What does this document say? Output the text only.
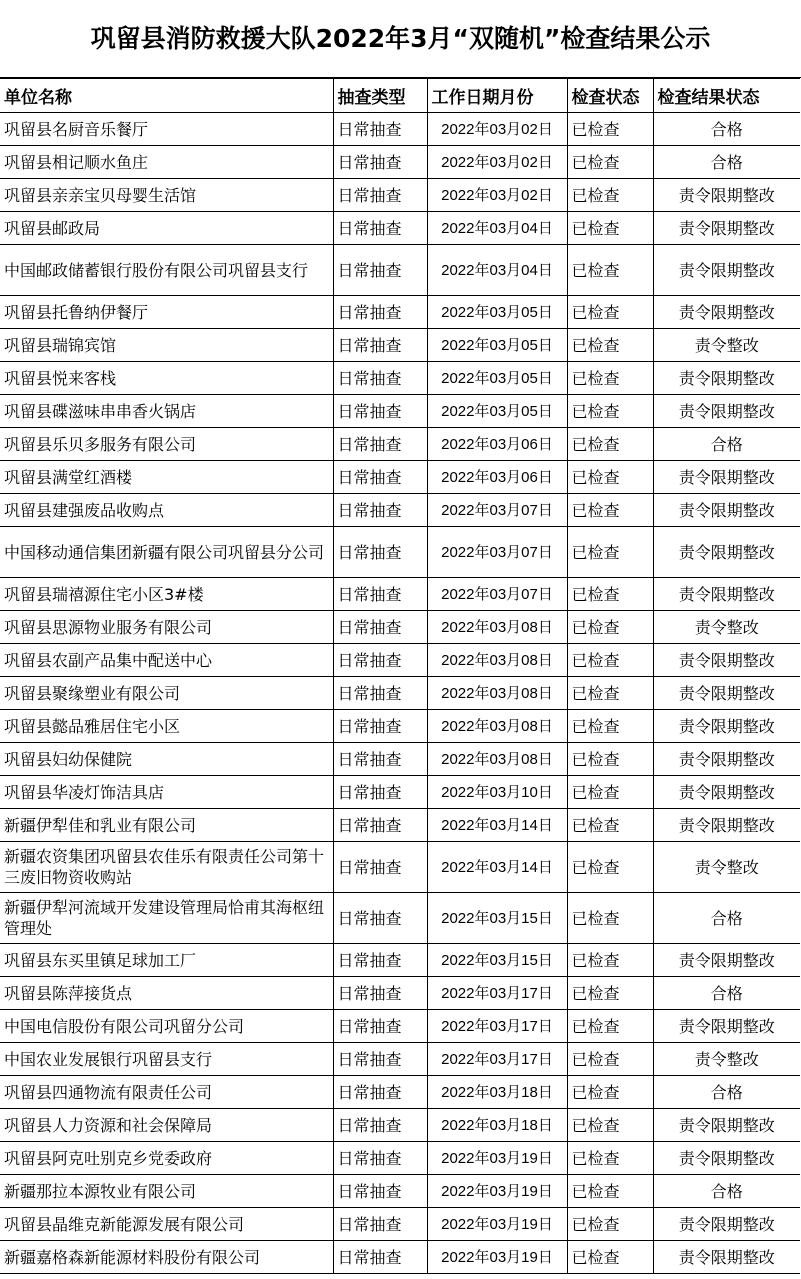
巩留县消防救援大队2022年3月“双随机”检查结果公示
单位名称	抽查类型	工作日期月份	检查状态	检查结果状态
巩留县名厨音乐餐厅	日常抽查	2022年03月02日	已检查	合格
巩留县相记顺水鱼庄	日常抽查	2022年03月02日	已检查	合格
巩留县亲亲宝贝母婴生活馆	日常抽查	2022年03月02日	已检查	责令限期整改
巩留县邮政局	日常抽查	2022年03月04日	已检查	责令限期整改
中国邮政储蓄银行股份有限公司巩留县支行	日常抽查	2022年03月04日	已检查	责令限期整改
巩留县托鲁纳伊餐厅	日常抽查	2022年03月05日	已检查	责令限期整改
巩留县瑞锦宾馆	日常抽查	2022年03月05日	已检查	责令整改
巩留县悦来客栈	日常抽查	2022年03月05日	已检查	责令限期整改
巩留县碟滋味串串香火锅店	日常抽查	2022年03月05日	已检查	责令限期整改
巩留县乐贝多服务有限公司	日常抽查	2022年03月06日	已检查	合格
巩留县满堂红酒楼	日常抽查	2022年03月06日	已检查	责令限期整改
巩留县建强废品收购点	日常抽查	2022年03月07日	已检查	责令限期整改
中国移动通信集团新疆有限公司巩留县分公司	日常抽查	2022年03月07日	已检查	责令限期整改
巩留县瑞禧源住宅小区3#楼	日常抽查	2022年03月07日	已检查	责令限期整改
巩留县思源物业服务有限公司	日常抽查	2022年03月08日	已检查	责令整改
巩留县农副产品集中配送中心	日常抽查	2022年03月08日	已检查	责令限期整改
巩留县聚缘塑业有限公司	日常抽查	2022年03月08日	已检查	责令限期整改
巩留县懿品雅居住宅小区	日常抽查	2022年03月08日	已检查	责令限期整改
巩留县妇幼保健院	日常抽查	2022年03月08日	已检查	责令限期整改
巩留县华凌灯饰洁具店	日常抽查	2022年03月10日	已检查	责令限期整改
新疆伊犁佳和乳业有限公司	日常抽查	2022年03月14日	已检查	责令限期整改
新疆农资集团巩留县农佳乐有限责任公司第十三废旧物资收购站	日常抽查	2022年03月14日	已检查	责令整改
新疆伊犁河流域开发建设管理局恰甫其海枢纽管理处	日常抽查	2022年03月15日	已检查	合格
巩留县东买里镇足球加工厂	日常抽查	2022年03月15日	已检查	责令限期整改
巩留县陈萍接货点	日常抽查	2022年03月17日	已检查	合格
中国电信股份有限公司巩留分公司	日常抽查	2022年03月17日	已检查	责令限期整改
中国农业发展银行巩留县支行	日常抽查	2022年03月17日	已检查	责令整改
巩留县四通物流有限责任公司	日常抽查	2022年03月18日	已检查	合格
巩留县人力资源和社会保障局	日常抽查	2022年03月18日	已检查	责令限期整改
巩留县阿克吐别克乡党委政府	日常抽查	2022年03月19日	已检查	责令限期整改
新疆那拉本源牧业有限公司	日常抽查	2022年03月19日	已检查	合格
巩留县晶维克新能源发展有限公司	日常抽查	2022年03月19日	已检查	责令限期整改
新疆嘉格森新能源材料股份有限公司	日常抽查	2022年03月19日	已检查	责令限期整改
